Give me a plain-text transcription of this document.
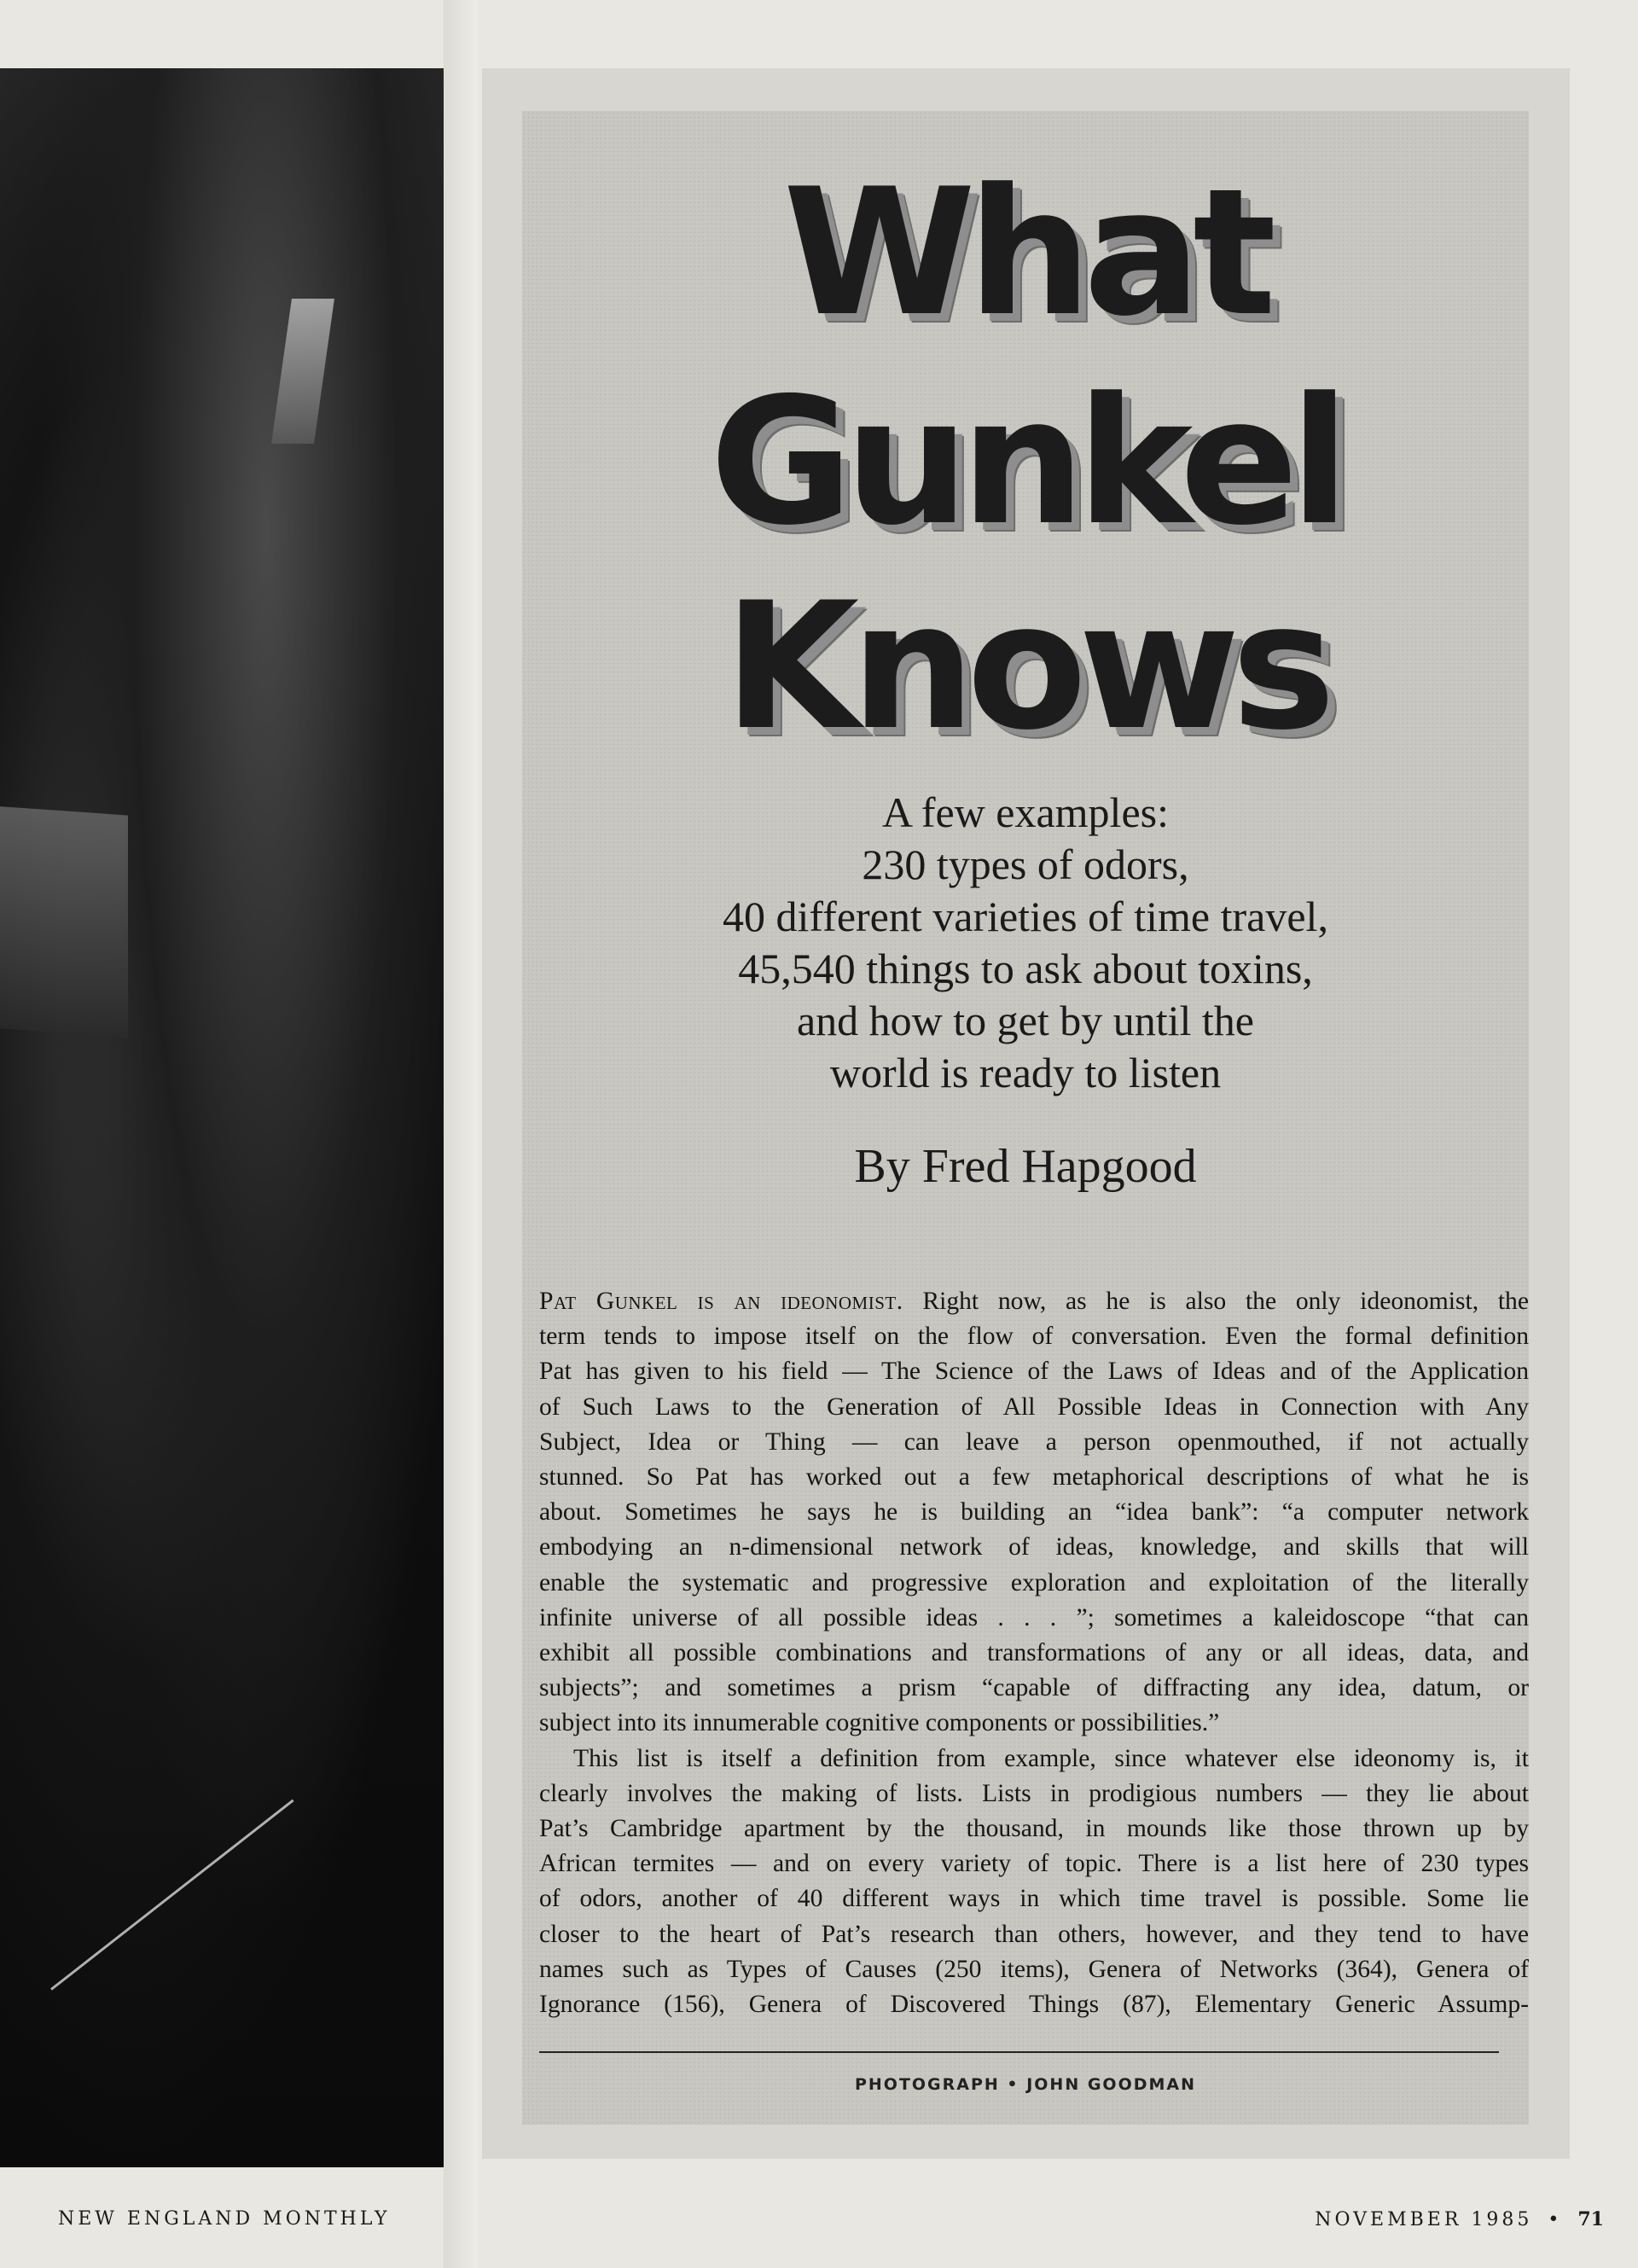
What
Gunkel
Knows
A few examples:
230 types of odors,
40 different varieties of time travel,
45,540 things to ask about toxins,
and how to get by until the
world is ready to listen
By Fred Hapgood
Pat Gunkel is an ideonomist. Right now, as he is also the only ideonomist, the
term tends to impose itself on the flow of conversation. Even the formal definition
Pat has given to his field — The Science of the Laws of Ideas and of the Application
of Such Laws to the Generation of All Possible Ideas in Connection with Any
Subject, Idea or Thing — can leave a person openmouthed, if not actually
stunned. So Pat has worked out a few metaphorical descriptions of what he is
about. Sometimes he says he is building an “idea bank”: “a computer network
embodying an n-dimensional network of ideas, knowledge, and skills that will
enable the systematic and progressive exploration and exploitation of the literally
infinite universe of all possible ideas . . . ”; sometimes a kaleidoscope “that can
exhibit all possible combinations and transformations of any or all ideas, data, and
subjects”; and sometimes a prism “capable of diffracting any idea, datum, or
subject into its innumerable cognitive components or possibilities.”
This list is itself a definition from example, since whatever else ideonomy is, it
clearly involves the making of lists. Lists in prodigious numbers — they lie about
Pat’s Cambridge apartment by the thousand, in mounds like those thrown up by
African termites — and on every variety of topic. There is a list here of 230 types
of odors, another of 40 different ways in which time travel is possible. Some lie
closer to the heart of Pat’s research than others, however, and they tend to have
names such as Types of Causes (250 items), Genera of Networks (364), Genera of
Ignorance (156), Genera of Discovered Things (87), Elementary Generic Assump-
PHOTOGRAPH • JOHN GOODMAN
NEW ENGLAND MONTHLY	NOVEMBER 1985 • 71
